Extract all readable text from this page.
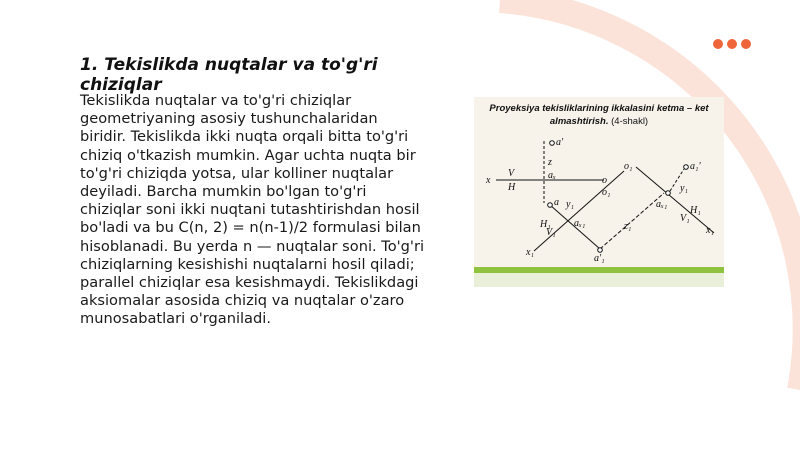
1. Tekislikda nuqtalar va to'g'ri chiziqlar

Tekislikda nuqtalar va to'g'ri chiziqlar geometriyaning asosiy tushunchalaridan biridir. Tekislikda ikki nuqta orqali bitta to'g'ri chiziq o'tkazish mumkin. Agar uchta nuqta bir to'g'ri chiziqda yotsa, ular kolliner nuqtalar deyiladi. Barcha mumkin bo'lgan to'g'ri chiziqlar soni ikki nuqtani tutashtirishdan hosil bo'ladi va bu C(n, 2) = n(n-1)/2 formulasi bilan hisoblanadi. Bu yerda n — nuqtalar soni. To'g'ri chiziqlarning kesishishi nuqtalarni hosil qiladi; parallel chiziqlar esa kesishmaydi. Tekislikdagi aksiomalar asosida chiziq va nuqtalar o'zaro munosabatlari o'rganiladi.

Proyeksiya tekisliklarining ikkalasini ketma – ket almashtirish. (4-shakl)
x
V
H
a'
z
aₓ	o
o₁
a y₁
aₓ₁	z₁
V₁
H₁
x₁
a'₁
o₁	a₁'
aₓ₁
y₁
H₁
V₁
x₁
